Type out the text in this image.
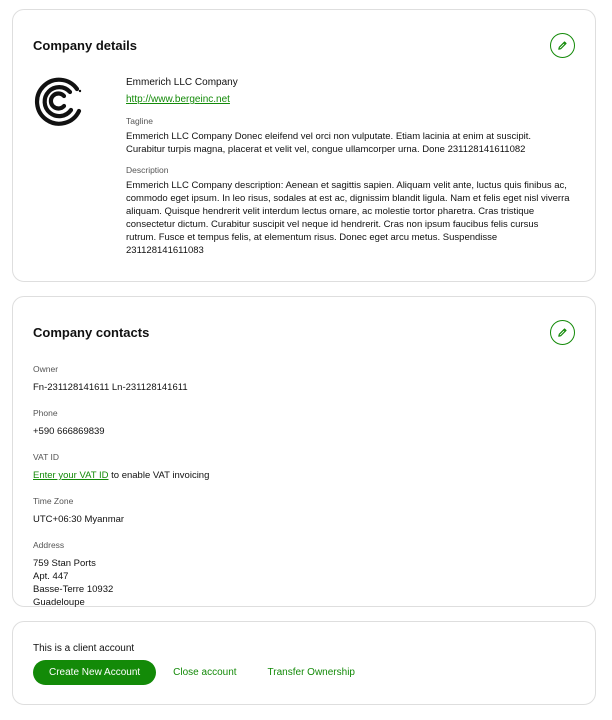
Company details
Emmerich LLC Company
http://www.bergeinc.net
Tagline
Emmerich LLC Company Donec eleifend vel orci non vulputate. Etiam lacinia at enim at suscipit. Curabitur turpis magna, placerat et velit vel, congue ullamcorper urna. Done 231128141611082
Description
Emmerich LLC Company description: Aenean et sagittis sapien. Aliquam velit ante, luctus quis finibus ac, commodo eget ipsum. In leo risus, sodales at est ac, dignissim blandit ligula. Nam et felis eget nisl viverra aliquam. Quisque hendrerit velit interdum lectus ornare, ac molestie tortor pharetra. Cras tristique consectetur dictum. Curabitur suscipit vel neque id hendrerit. Cras non ipsum faucibus felis cursus rutrum. Fusce et tempus felis, at elementum risus. Donec eget arcu metus. Suspendisse 231128141611083
Company contacts
Owner
Fn-231128141611 Ln-231128141611
Phone
+590 666869839
VAT ID
Enter your VAT ID to enable VAT invoicing
Time Zone
UTC+06:30 Myanmar
Address
759 Stan Ports
Apt. 447
Basse-Terre 10932
Guadeloupe
This is a client account
Create New Account	Close account	Transfer Ownership
